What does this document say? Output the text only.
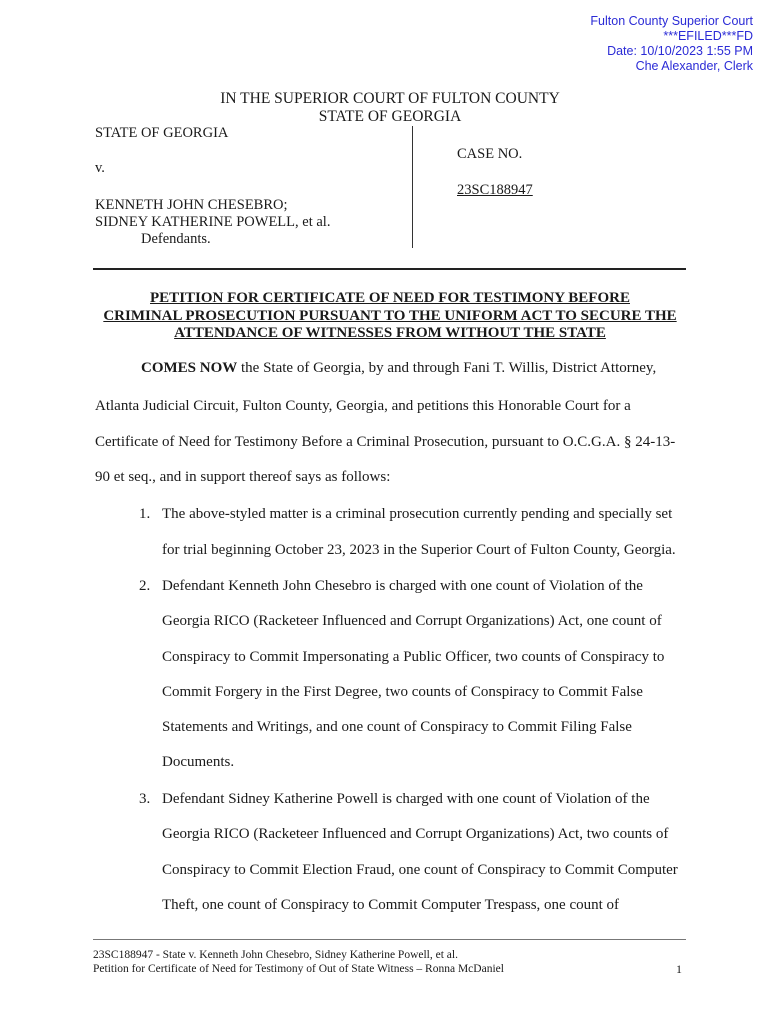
Fulton County Superior Court
***EFILED***FD
Date: 10/10/2023 1:55 PM
Che Alexander, Clerk
IN THE SUPERIOR COURT OF FULTON COUNTY
STATE OF GEORGIA
STATE OF GEORGIA
v.
KENNETH JOHN CHESEBRO;
SIDNEY KATHERINE POWELL, et al.
Defendants.
CASE NO.
23SC188947
PETITION FOR CERTIFICATE OF NEED FOR TESTIMONY BEFORE
CRIMINAL PROSECUTION PURSUANT TO THE UNIFORM ACT TO SECURE THE
ATTENDANCE OF WITNESSES FROM WITHOUT THE STATE
COMES NOW the State of Georgia, by and through Fani T. Willis, District Attorney,
Atlanta Judicial Circuit, Fulton County, Georgia, and petitions this Honorable Court for a
Certificate of Need for Testimony Before a Criminal Prosecution, pursuant to O.C.G.A. § 24-13-
90 et seq., and in support thereof says as follows:
1. The above-styled matter is a criminal prosecution currently pending and specially set
for trial beginning October 23, 2023 in the Superior Court of Fulton County, Georgia.
2. Defendant Kenneth John Chesebro is charged with one count of Violation of the
Georgia RICO (Racketeer Influenced and Corrupt Organizations) Act, one count of
Conspiracy to Commit Impersonating a Public Officer, two counts of Conspiracy to
Commit Forgery in the First Degree, two counts of Conspiracy to Commit False
Statements and Writings, and one count of Conspiracy to Commit Filing False
Documents.
3. Defendant Sidney Katherine Powell is charged with one count of Violation of the
Georgia RICO (Racketeer Influenced and Corrupt Organizations) Act, two counts of
Conspiracy to Commit Election Fraud, one count of Conspiracy to Commit Computer
Theft, one count of Conspiracy to Commit Computer Trespass, one count of
23SC188947 - State v. Kenneth John Chesebro, Sidney Katherine Powell, et al.
Petition for Certificate of Need for Testimony of Out of State Witness – Ronna McDaniel	1
